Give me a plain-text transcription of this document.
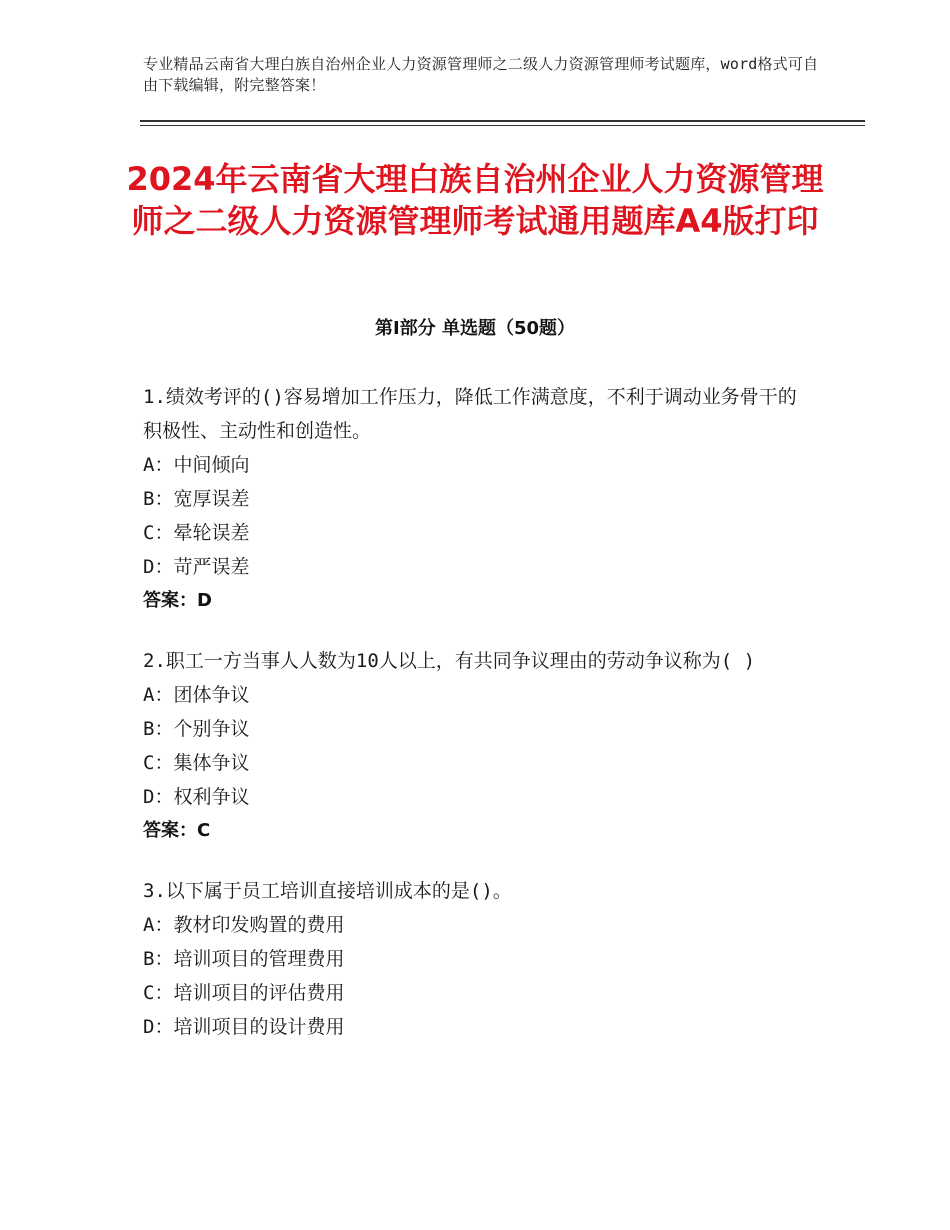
专业精品云南省大理白族自治州企业人力资源管理师之二级人力资源管理师考试题库，word格式可自由下载编辑，附完整答案！
2024年云南省大理白族自治州企业人力资源管理师之二级人力资源管理师考试通用题库A4版打印
第Ⅰ部分 单选题（50题）
1.绩效考评的()容易增加工作压力，降低工作满意度，不利于调动业务骨干的积极性、主动性和创造性。
A：中间倾向
B：宽厚误差
C：晕轮误差
D：苛严误差
答案：D
2.职工一方当事人人数为10人以上，有共同争议理由的劳动争议称为( )
A：团体争议
B：个别争议
C：集体争议
D：权利争议
答案：C
3.以下属于员工培训直接培训成本的是()。
A：教材印发购置的费用
B：培训项目的管理费用
C：培训项目的评估费用
D：培训项目的设计费用
